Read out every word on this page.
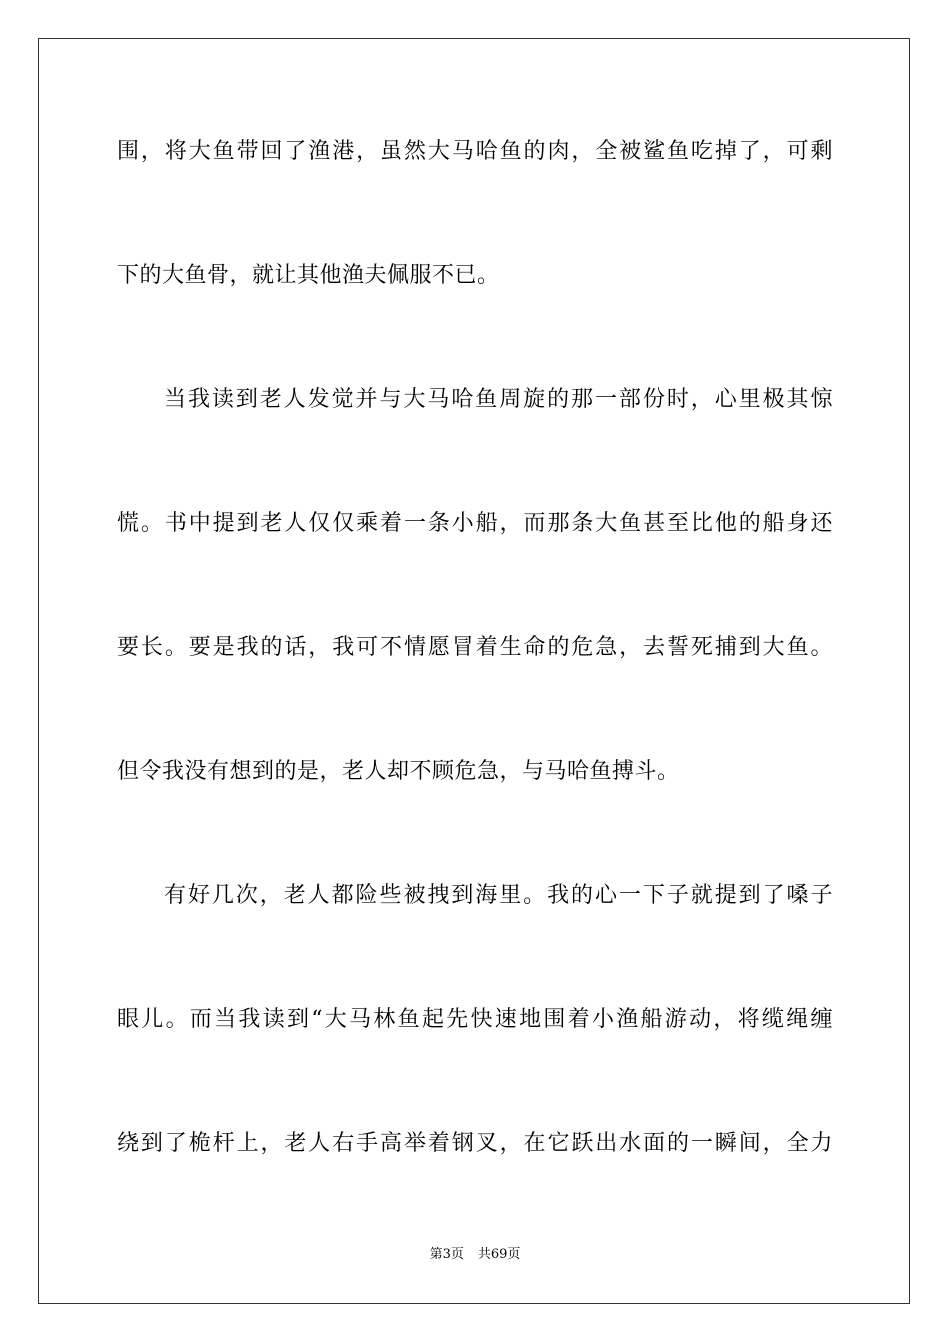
围，将大鱼带回了渔港，虽然大马哈鱼的肉，全被鲨鱼吃掉了，可剩
下的大鱼骨，就让其他渔夫佩服不已。
当我读到老人发觉并与大马哈鱼周旋的那一部份时，心里极其惊
慌。书中提到老人仅仅乘着一条小船，而那条大鱼甚至比他的船身还
要长。要是我的话，我可不情愿冒着生命的危急，去誓死捕到大鱼。
但令我没有想到的是，老人却不顾危急，与马哈鱼搏斗。
有好几次，老人都险些被拽到海里。我的心一下子就提到了嗓子
眼儿。而当我读到“大马林鱼起先快速地围着小渔船游动，将缆绳缠
绕到了桅杆上，老人右手高举着钢叉，在它跃出水面的一瞬间，全力
第3页 共69页
